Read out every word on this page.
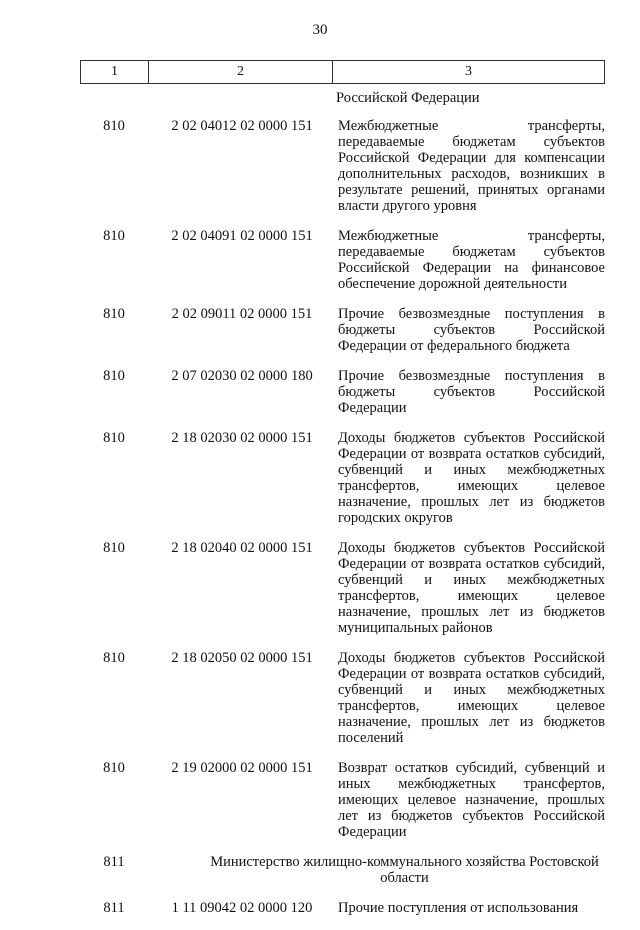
30
1	2	3
Российской Федерации
810	2 02 04012 02 0000 151	Межбюджетные трансферты, передаваемые бюджетам субъектов Российской Федерации для компенсации дополнительных расходов, возникших в результате решений, принятых органами власти другого уровня
810	2 02 04091 02 0000 151	Межбюджетные трансферты, передаваемые бюджетам субъектов Российской Федерации на финансовое обеспечение дорожной деятельности
810	2 02 09011 02 0000 151	Прочие безвозмездные поступления в бюджеты субъектов Российской Федерации от федерального бюджета
810	2 07 02030 02 0000 180	Прочие безвозмездные поступления в бюджеты субъектов Российской Федерации
810	2 18 02030 02 0000 151	Доходы бюджетов субъектов Российской Федерации от возврата остатков субсидий, субвенций и иных межбюджетных трансфертов, имеющих целевое назначение, прошлых лет из бюджетов городских округов
810	2 18 02040 02 0000 151	Доходы бюджетов субъектов Российской Федерации от возврата остатков субсидий, субвенций и иных межбюджетных трансфертов, имеющих целевое назначение, прошлых лет из бюджетов муниципальных районов
810	2 18 02050 02 0000 151	Доходы бюджетов субъектов Российской Федерации от возврата остатков субсидий, субвенций и иных межбюджетных трансфертов, имеющих целевое назначение, прошлых лет из бюджетов поселений
810	2 19 02000 02 0000 151	Возврат остатков субсидий, субвенций и иных межбюджетных трансфертов, имеющих целевое назначение, прошлых лет из бюджетов субъектов Российской Федерации
811	Министерство жилищно-коммунального хозяйства Ростовской области
811	1 11 09042 02 0000 120	Прочие поступления от использования
